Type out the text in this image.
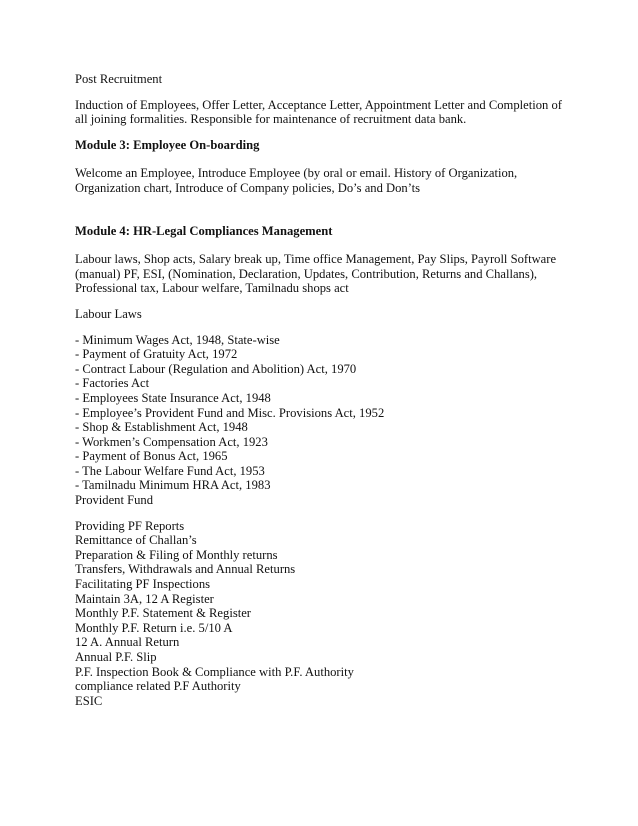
Post Recruitment

Induction of Employees, Offer Letter, Acceptance Letter, Appointment Letter and Completion of
all joining formalities. Responsible for maintenance of recruitment data bank.

Module 3: Employee On-boarding

Welcome an Employee, Introduce Employee (by oral or email. History of Organization,
Organization chart, Introduce of Company policies, Do’s and Don’ts

Module 4: HR-Legal Compliances Management

Labour laws, Shop acts, Salary break up, Time office Management, Pay Slips, Payroll Software
(manual) PF, ESI, (Nomination, Declaration, Updates, Contribution, Returns and Challans),
Professional tax, Labour welfare, Tamilnadu shops act

Labour Laws

- Minimum Wages Act, 1948, State-wise
- Payment of Gratuity Act, 1972
- Contract Labour (Regulation and Abolition) Act, 1970
- Factories Act
- Employees State Insurance Act, 1948
- Employee’s Provident Fund and Misc. Provisions Act, 1952
- Shop & Establishment Act, 1948
- Workmen’s Compensation Act, 1923
- Payment of Bonus Act, 1965
- The Labour Welfare Fund Act, 1953
- Tamilnadu Minimum HRA Act, 1983
Provident Fund
Providing PF Reports
Remittance of Challan’s
Preparation & Filing of Monthly returns
Transfers, Withdrawals and Annual Returns
Facilitating PF Inspections
Maintain 3A, 12 A Register
Monthly P.F. Statement & Register
Monthly P.F. Return i.e. 5/10 A
12 A. Annual Return
Annual P.F. Slip
P.F. Inspection Book & Compliance with P.F. Authority
compliance related P.F Authority
ESIC
